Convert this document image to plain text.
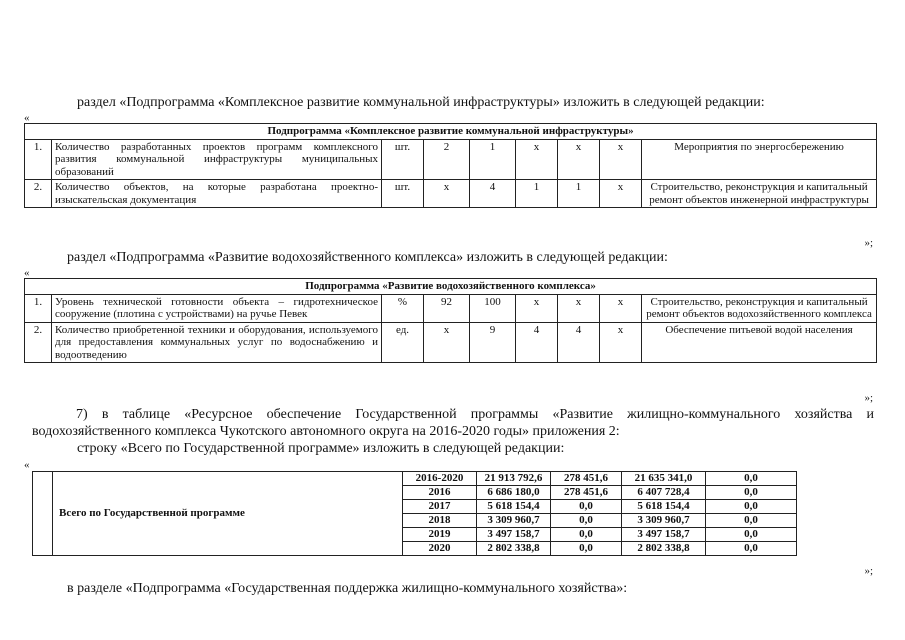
раздел «Подпрограмма «Комплексное развитие коммунальной инфраструктуры» изложить в следующей редакции:
«
Подпрограмма «Комплексное развитие коммунальной инфраструктуры»								
1.	Количество разработанных проектов программ комплексного развития коммунальной инфраструктуры муниципальных образований	шт.	2	1	х	х	х	Мероприятия по энергосбережению
2.	Количество объектов, на которые разработана проектно-изыскательская документация	шт.	х	4	1	1	х	Строительство, реконструкция и капитальный ремонт объектов инженерной инфраструктуры
»;
раздел «Подпрограмма «Развитие водохозяйственного комплекса» изложить в следующей редакции:
«
Подпрограмма «Развитие водохозяйственного комплекса»								
1.	Уровень технической готовности объекта – гидротехническое сооружение (плотина с устройствами) на ручье Певек	%	92	100	х	х	х	Строительство, реконструкция и капитальный ремонт объектов водохозяйственного комплекса
2.	Количество приобретенной техники и оборудования, используемого для предоставления коммунальных услуг по водоснабжению и водоотведению	ед.	х	9	4	4	х	Обеспечение питьевой водой населения
»;
7) в таблице «Ресурсное обеспечение Государственной программы «Развитие жилищно-коммунального хозяйства и водохозяйственного комплекса Чукотского автономного округа на 2016-2020 годы» приложения 2:
строку «Всего по Государственной программе» изложить в следующей редакции:
«
	Всего по Государственной программе	2016-2020	21 913 792,6	278 451,6	21 635 341,0	0,0
		2016	6 686 180,0	278 451,6	6 407 728,4	0,0
		2017	5 618 154,4	0,0	5 618 154,4	0,0
		2018	3 309 960,7	0,0	3 309 960,7	0,0
		2019	3 497 158,7	0,0	3 497 158,7	0,0
		2020	2 802 338,8	0,0	2 802 338,8	0,0
»;
в разделе «Подпрограмма «Государственная поддержка жилищно-коммунального хозяйства»:
